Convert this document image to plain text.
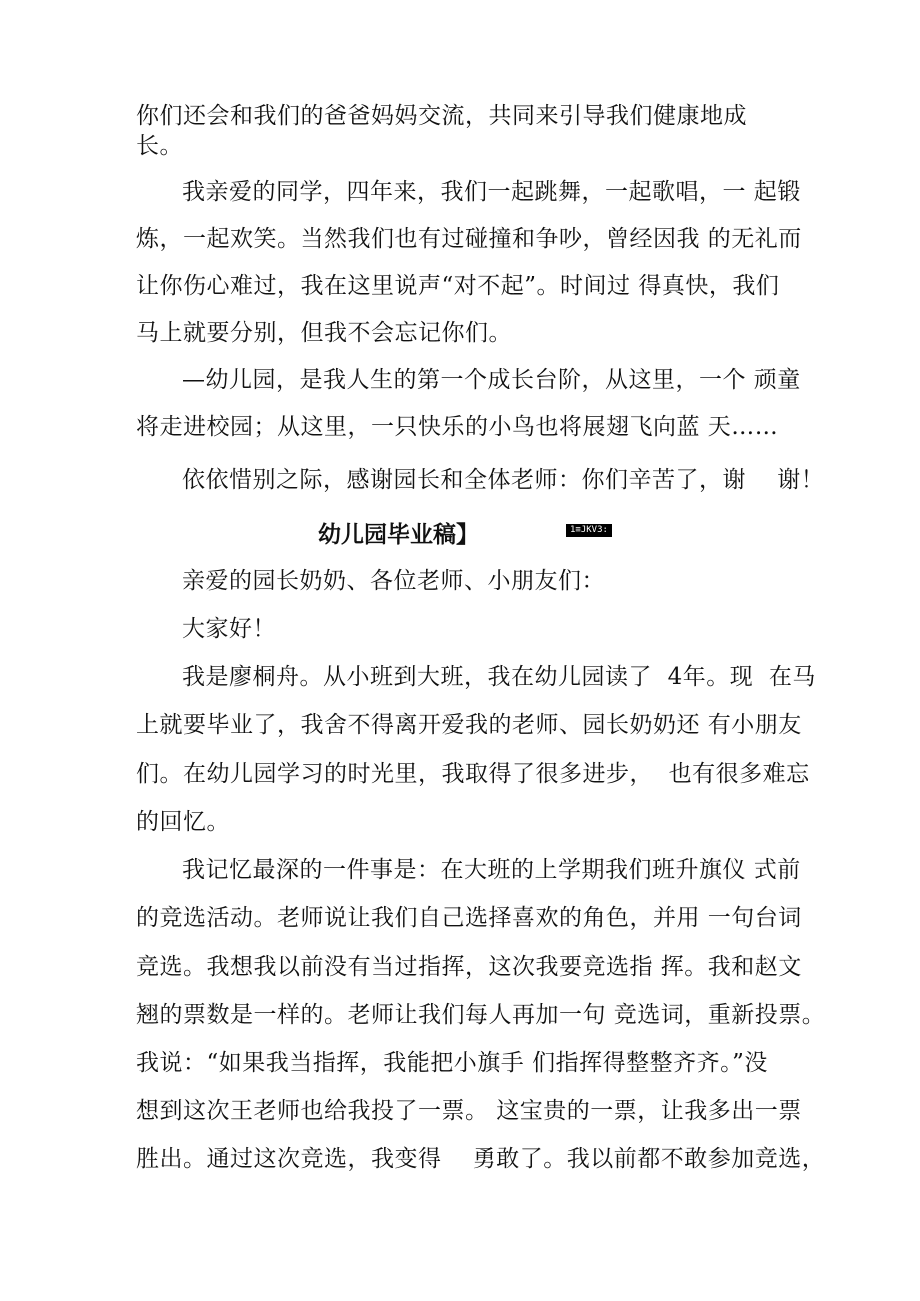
你们还会和我们的爸爸妈妈交流，共同来引导我们健康地成
长。
我亲爱的同学，四年来，我们一起跳舞，一起歌唱，一 起锻
炼，一起欢笑。当然我们也有过碰撞和争吵，曾经因我 的无礼而
让你伤心难过，我在这里说声“对不起”。时间过 得真快，我们
马上就要分别，但我不会忘记你们。
—幼儿园，是我人生的第一个成长台阶，从这里，一个 顽童
将走进校园；从这里，一只快乐的小鸟也将展翅飞向蓝 天……
依依惜别之际，感谢园长和全体老师：你们辛苦了，谢    谢！
幼儿园毕业稿】	1≡JKV3:
亲爱的园长奶奶、各位老师、小朋友们：
大家好！
我是廖桐舟。从小班到大班，我在幼儿园读了  4年。现  在马
上就要毕业了，我舍不得离开爱我的老师、园长奶奶还 有小朋友
们。在幼儿园学习的时光里，我取得了很多进步，  也有很多难忘
的回忆。
我记忆最深的一件事是：在大班的上学期我们班升旗仪 式前
的竞选活动。老师说让我们自己选择喜欢的角色，并用 一句台词
竞选。我想我以前没有当过指挥，这次我要竞选指 挥。我和赵文
翘的票数是一样的。老师让我们每人再加一句 竞选词，重新投票。
我说：“如果我当指挥，我能把小旗手 们指挥得整整齐齐。”没
想到这次王老师也给我投了一票。 这宝贵的一票，让我多出一票
胜出。通过这次竞选，我变得    勇敢了。我以前都不敢参加竞选，
